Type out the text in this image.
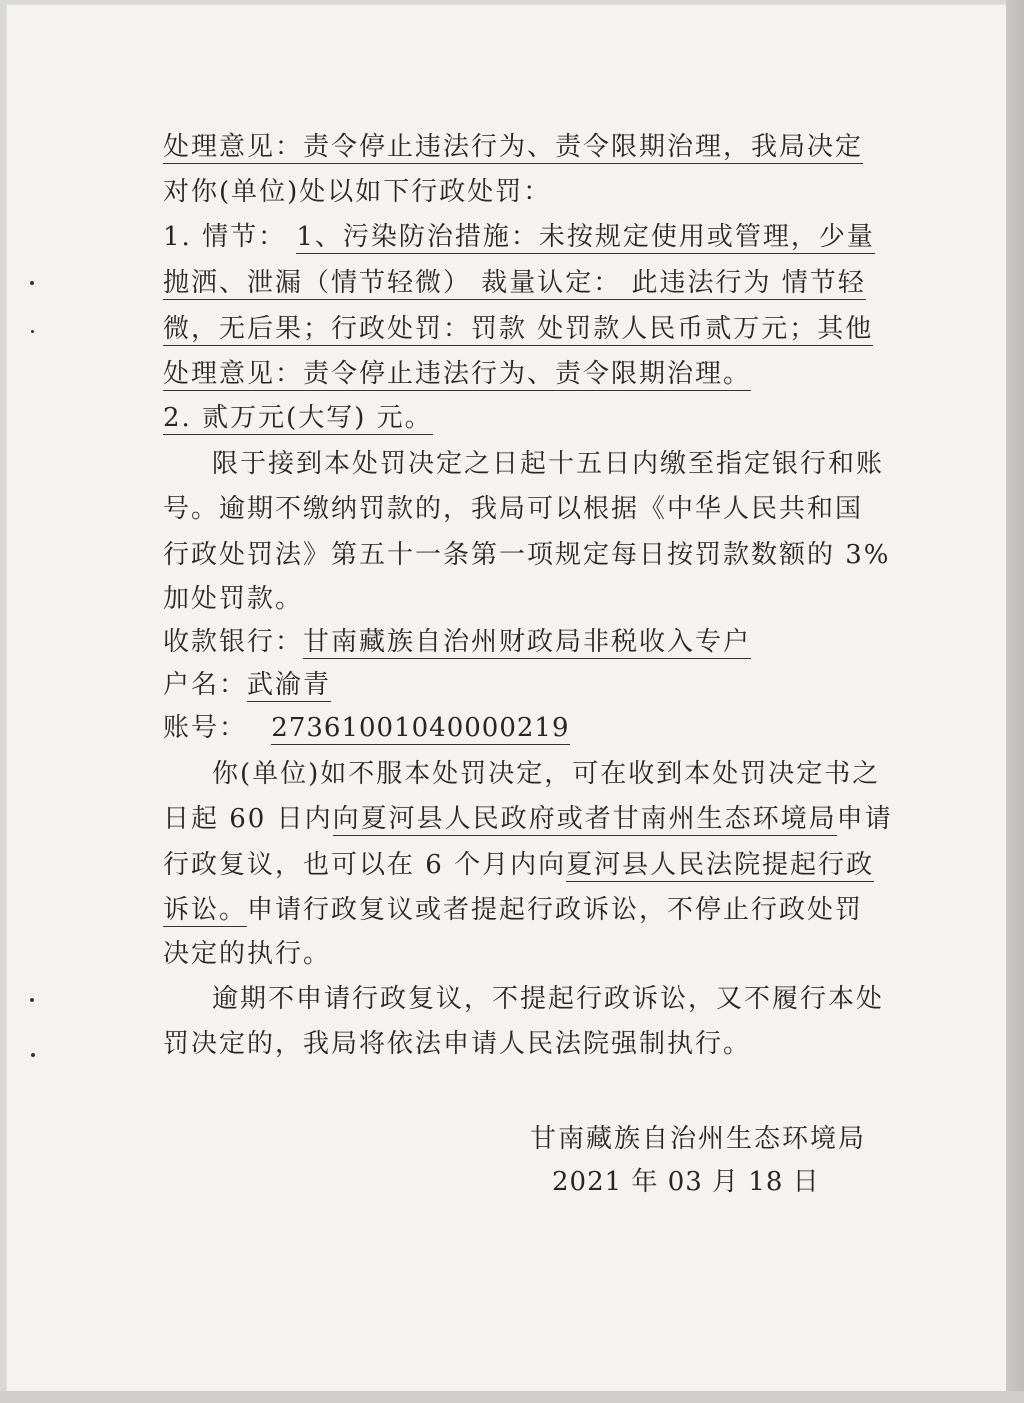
处理意见：责令停止违法行为、责令限期治理，我局决定
对你(单位)处以如下行政处罚：
1. 情节： 1、污染防治措施：未按规定使用或管理，少量
抛洒、泄漏（情节轻微） 裁量认定： 此违法行为 情节轻
微，无后果；行政处罚：罚款 处罚款人民币贰万元；其他
处理意见：责令停止违法行为、责令限期治理。
2. 贰万元(大写) 元。
限于接到本处罚决定之日起十五日内缴至指定银行和账
号。逾期不缴纳罚款的，我局可以根据《中华人民共和国
行政处罚法》第五十一条第一项规定每日按罚款数额的 3%
加处罚款。
收款银行：甘南藏族自治州财政局非税收入专户
户名：武渝青
账号： 27361001040000219
你(单位)如不服本处罚决定，可在收到本处罚决定书之
日起 60 日内向夏河县人民政府或者甘南州生态环境局申请
行政复议，也可以在 6 个月内向夏河县人民法院提起行政
诉讼。申请行政复议或者提起行政诉讼，不停止行政处罚
决定的执行。
逾期不申请行政复议，不提起行政诉讼，又不履行本处
罚决定的，我局将依法申请人民法院强制执行。
甘南藏族自治州生态环境局
2021 年 03 月 18 日
